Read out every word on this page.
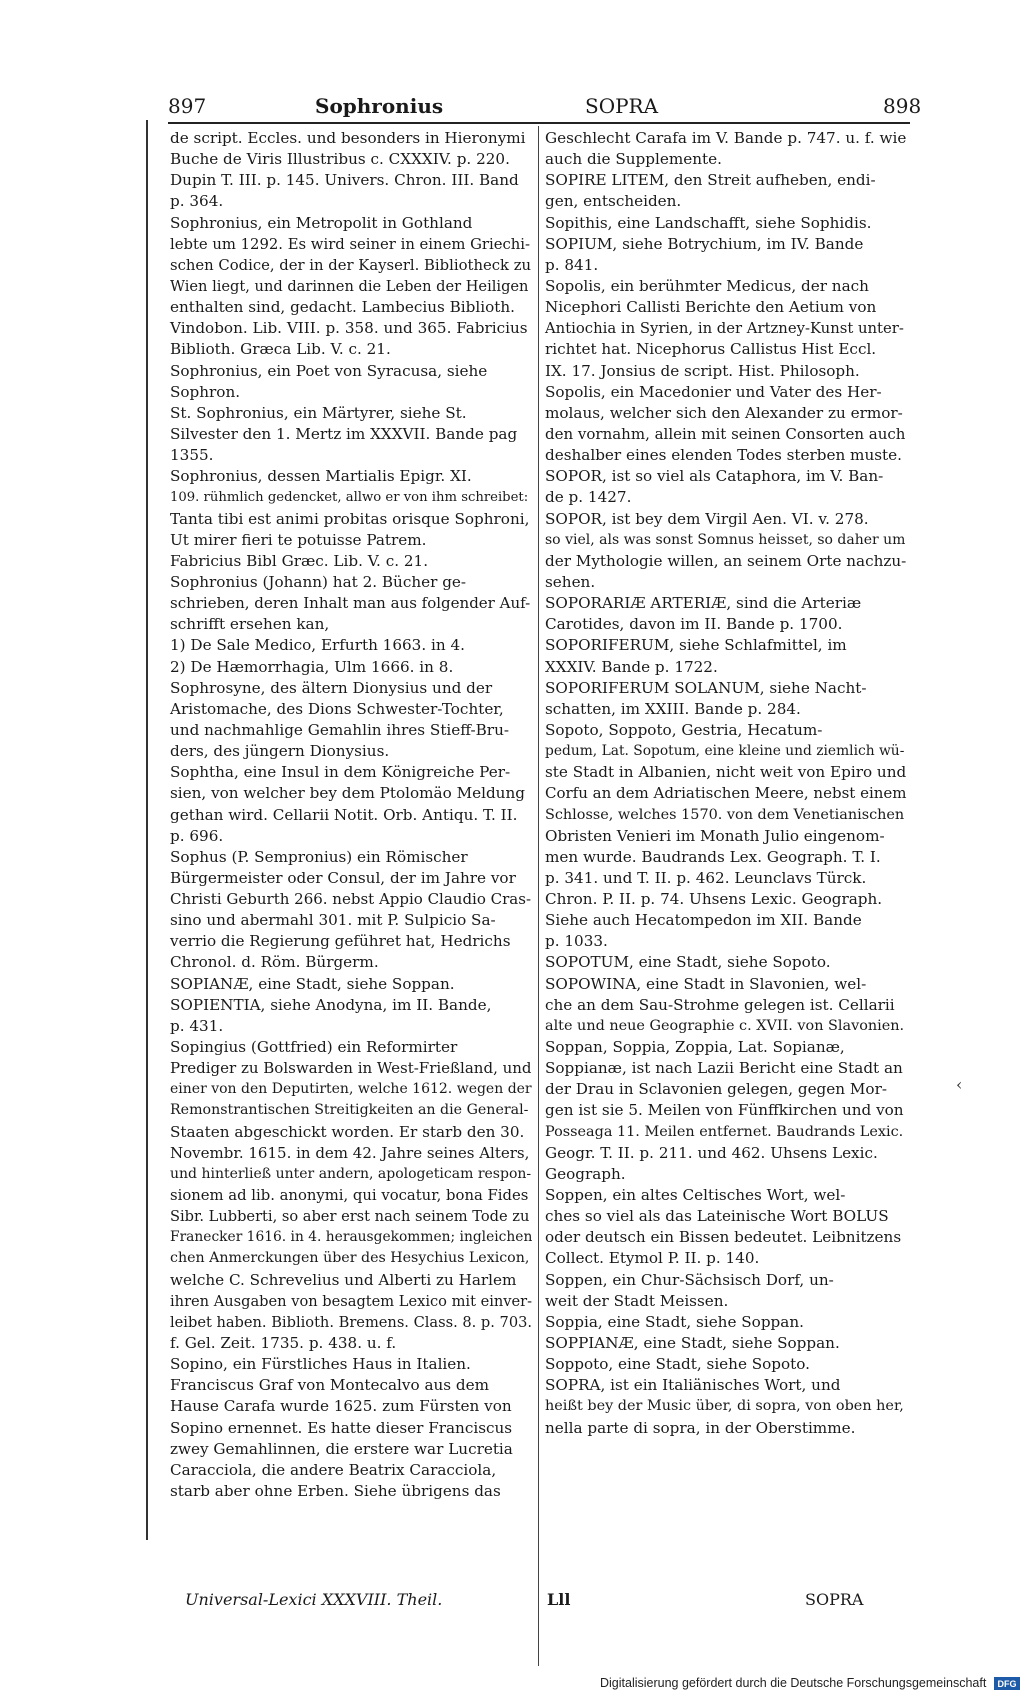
897	Sophronius	SOPRA	898
de script. Eccles. und besonders in Hieronymi
Buche de Viris Illustribus c. CXXXIV. p. 220.
Dupin T. III. p. 145. Univers. Chron. III. Band
p. 364.
Sophronius, ein Metropolit in Gothland
lebte um 1292. Es wird seiner in einem Griechi-
schen Codice, der in der Kayserl. Bibliotheck zu
Wien liegt, und darinnen die Leben der Heiligen
enthalten sind, gedacht. Lambecius Biblioth.
Vindobon. Lib. VIII. p. 358. und 365. Fabricius
Biblioth. Græca Lib. V. c. 21.
Sophronius, ein Poet von Syracusa, siehe
Sophron.
St. Sophronius, ein Märtyrer, siehe St.
Silvester den 1. Mertz im XXXVII. Bande pag
1355.
Sophronius, dessen Martialis Epigr. XI.
109. rühmlich gedencket, allwo er von ihm schreibet:
Tanta tibi est animi probitas orisque Sophroni,
Ut mirer fieri te potuisse Patrem.
Fabricius Bibl Græc. Lib. V. c. 21.
Sophronius (Johann) hat 2. Bücher ge-
schrieben, deren Inhalt man aus folgender Auf-
schrifft ersehen kan,
1) De Sale Medico, Erfurth 1663. in 4.
2) De Hæmorrhagia, Ulm 1666. in 8.
Sophrosyne, des ältern Dionysius und der
Aristomache, des Dions Schwester-Tochter,
und nachmahlige Gemahlin ihres Stieff-Bru-
ders, des jüngern Dionysius.
Sophtha, eine Insul in dem Königreiche Per-
sien, von welcher bey dem Ptolomäo Meldung
gethan wird. Cellarii Notit. Orb. Antiqu. T. II.
p. 696.
Sophus (P. Sempronius) ein Römischer
Bürgermeister oder Consul, der im Jahre vor
Christi Geburth 266. nebst Appio Claudio Cras-
sino und abermahl 301. mit P. Sulpicio Sa-
verrio die Regierung geführet hat, Hedrichs
Chronol. d. Röm. Bürgerm.
SOPIANÆ, eine Stadt, siehe Soppan.
SOPIENTIA, siehe Anodyna, im II. Bande,
p. 431.
Sopingius (Gottfried) ein Reformirter
Prediger zu Bolswarden in West-Frießland, und
einer von den Deputirten, welche 1612. wegen der
Remonstrantischen Streitigkeiten an die General-
Staaten abgeschickt worden. Er starb den 30.
Novembr. 1615. in dem 42. Jahre seines Alters,
und hinterließ unter andern, apologeticam respon-
sionem ad lib. anonymi, qui vocatur, bona Fides
Sibr. Lubberti, so aber erst nach seinem Tode zu
Franecker 1616. in 4. herausgekommen; ingleichen
chen Anmerckungen über des Hesychius Lexicon,
welche C. Schrevelius und Alberti zu Harlem
ihren Ausgaben von besagtem Lexico mit einver-
leibet haben. Biblioth. Bremens. Class. 8. p. 703.
f. Gel. Zeit. 1735. p. 438. u. f.
Sopino, ein Fürstliches Haus in Italien.
Franciscus Graf von Montecalvo aus dem
Hause Carafa wurde 1625. zum Fürsten von
Sopino ernennet. Es hatte dieser Franciscus
zwey Gemahlinnen, die erstere war Lucretia
Caracciola, die andere Beatrix Caracciola,
starb aber ohne Erben. Siehe übrigens das
Geschlecht Carafa im V. Bande p. 747. u. f. wie
auch die Supplemente.
SOPIRE LITEM, den Streit aufheben, endi-
gen, entscheiden.
Sopithis, eine Landschafft, siehe Sophidis.
SOPIUM, siehe Botrychium, im IV. Bande
p. 841.
Sopolis, ein berühmter Medicus, der nach
Nicephori Callisti Berichte den Aetium von
Antiochia in Syrien, in der Artzney-Kunst unter-
richtet hat. Nicephorus Callistus Hist Eccl.
IX. 17. Jonsius de script. Hist. Philosoph.
Sopolis, ein Macedonier und Vater des Her-
molaus, welcher sich den Alexander zu ermor-
den vornahm, allein mit seinen Consorten auch
deshalber eines elenden Todes sterben muste.
SOPOR, ist so viel als Cataphora, im V. Ban-
de p. 1427.
SOPOR, ist bey dem Virgil Aen. VI. v. 278.
so viel, als was sonst Somnus heisset, so daher um
der Mythologie willen, an seinem Orte nachzu-
sehen.
SOPORARIÆ ARTERIÆ, sind die Arteriæ
Carotides, davon im II. Bande p. 1700.
SOPORIFERUM, siehe Schlafmittel, im
XXXIV. Bande p. 1722.
SOPORIFERUM SOLANUM, siehe Nacht-
schatten, im XXIII. Bande p. 284.
Sopoto, Soppoto, Gestria, Hecatum-
pedum, Lat. Sopotum, eine kleine und ziemlich wü-
ste Stadt in Albanien, nicht weit von Epiro und
Corfu an dem Adriatischen Meere, nebst einem
Schlosse, welches 1570. von dem Venetianischen
Obristen Venieri im Monath Julio eingenom-
men wurde. Baudrands Lex. Geograph. T. I.
p. 341. und T. II. p. 462. Leunclavs Türck.
Chron. P. II. p. 74. Uhsens Lexic. Geograph.
Siehe auch Hecatompedon im XII. Bande
p. 1033.
SOPOTUM, eine Stadt, siehe Sopoto.
SOPOWINA, eine Stadt in Slavonien, wel-
che an dem Sau-Strohme gelegen ist. Cellarii
alte und neue Geographie c. XVII. von Slavonien.
Soppan, Soppia, Zoppia, Lat. Sopianæ,
Soppianæ, ist nach Lazii Bericht eine Stadt an
der Drau in Sclavonien gelegen, gegen Mor-
gen ist sie 5. Meilen von Fünffkirchen und von
Posseaga 11. Meilen entfernet. Baudrands Lexic.
Geogr. T. II. p. 211. und 462. Uhsens Lexic.
Geograph.
Soppen, ein altes Celtisches Wort, wel-
ches so viel als das Lateinische Wort BOLUS
oder deutsch ein Bissen bedeutet. Leibnitzens
Collect. Etymol P. II. p. 140.
Soppen, ein Chur-Sächsisch Dorf, un-
weit der Stadt Meissen.
Soppia, eine Stadt, siehe Soppan.
SOPPIANÆ, eine Stadt, siehe Soppan.
Soppoto, eine Stadt, siehe Sopoto.
SOPRA, ist ein Italiänisches Wort, und
heißt bey der Music über, di sopra, von oben her,
nella parte di sopra, in der Oberstimme.
‹
Universal-Lexici XXXVIII. Theil.	Lll	SOPRA
Digitalisierung gefördert durch die Deutsche Forschungsgemeinschaft DFG
